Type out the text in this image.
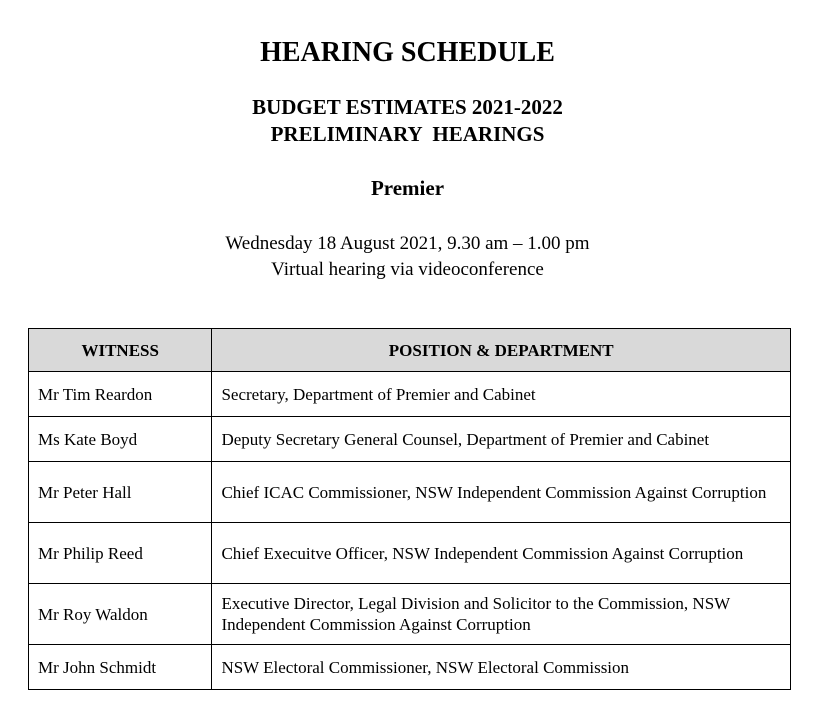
HEARING SCHEDULE
BUDGET ESTIMATES 2021-2022
PRELIMINARY  HEARINGS
Premier

Wednesday 18 August 2021, 9.30 am – 1.00 pm

Virtual hearing via videoconference

WITNESS	POSITION & DEPARTMENT
Mr Tim Reardon	Secretary, Department of Premier and Cabinet
Ms Kate Boyd	Deputy Secretary General Counsel, Department of Premier and Cabinet
Mr Peter Hall	Chief ICAC Commissioner, NSW Independent Commission Against Corruption
Mr Philip Reed	Chief Execuitve Officer, NSW Independent Commission Against Corruption
Mr Roy Waldon	Executive Director, Legal Division and Solicitor to the Commission, NSW Independent Commission Against Corruption
Mr John Schmidt	NSW Electoral Commissioner, NSW Electoral Commission
